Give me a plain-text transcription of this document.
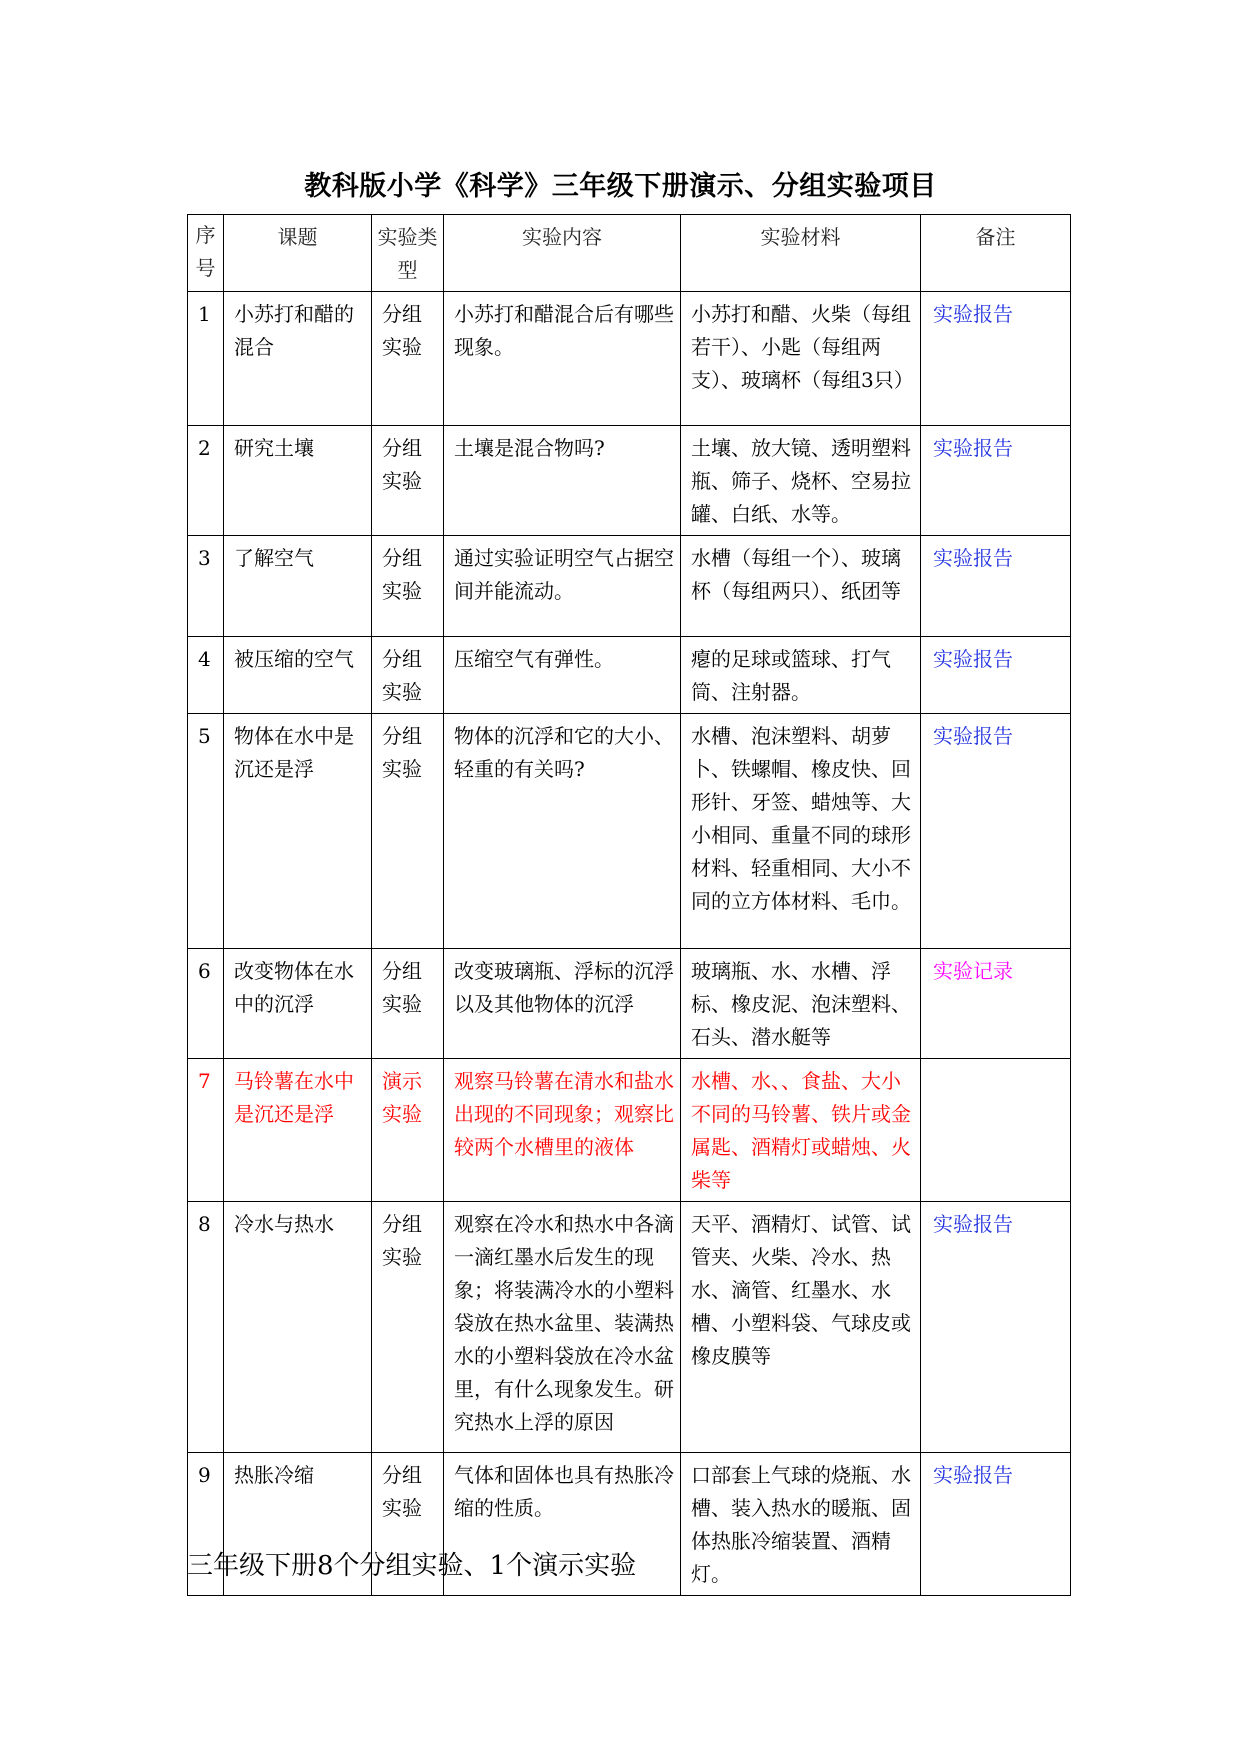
教科版小学《科学》三年级下册演示、分组实验项目
序号	课题	实验类型	实验内容	实验材料	备注
1	小苏打和醋的混合	分组实验	小苏打和醋混合后有哪些现象。	小苏打和醋、火柴（每组若干）、小匙（每组两支）、玻璃杯（每组3只）	实验报告
2	研究土壤	分组实验	土壤是混合物吗?	土壤、放大镜、透明塑料瓶、筛子、烧杯、空易拉罐、白纸、水等。	实验报告
3	了解空气	分组实验	通过实验证明空气占据空间并能流动。	水槽（每组一个）、玻璃杯（每组两只）、纸团等	实验报告
4	被压缩的空气	分组实验	压缩空气有弹性。	瘪的足球或篮球、打气筒、注射器。	实验报告
5	物体在水中是沉还是浮	分组实验	物体的沉浮和它的大小、轻重的有关吗?	水槽、泡沫塑料、胡萝卜、铁螺帽、橡皮快、回形针、牙签、蜡烛等、大小相同、重量不同的球形材料、轻重相同、大小不同的立方体材料、毛巾。	实验报告
6	改变物体在水中的沉浮	分组实验	改变玻璃瓶、浮标的沉浮以及其他物体的沉浮	玻璃瓶、水、水槽、浮标、橡皮泥、泡沫塑料、石头、潜水艇等	实验记录
7	马铃薯在水中是沉还是浮	演示实验	观察马铃薯在清水和盐水出现的不同现象；观察比较两个水槽里的液体	水槽、水、、食盐、大小不同的马铃薯、铁片或金属匙、酒精灯或蜡烛、火柴等	
8	冷水与热水	分组实验	观察在冷水和热水中各滴一滴红墨水后发生的现象；将装满冷水的小塑料袋放在热水盆里、装满热水的小塑料袋放在冷水盆里，有什么现象发生。研究热水上浮的原因	天平、酒精灯、试管、试管夹、火柴、冷水、热水、滴管、红墨水、水槽、小塑料袋、气球皮或橡皮膜等	实验报告
9	热胀冷缩	分组实验	气体和固体也具有热胀冷缩的性质。	口部套上气球的烧瓶、水槽、装入热水的暖瓶、固体热胀冷缩装置、酒精灯。	实验报告
三年级下册8个分组实验、1个演示实验
